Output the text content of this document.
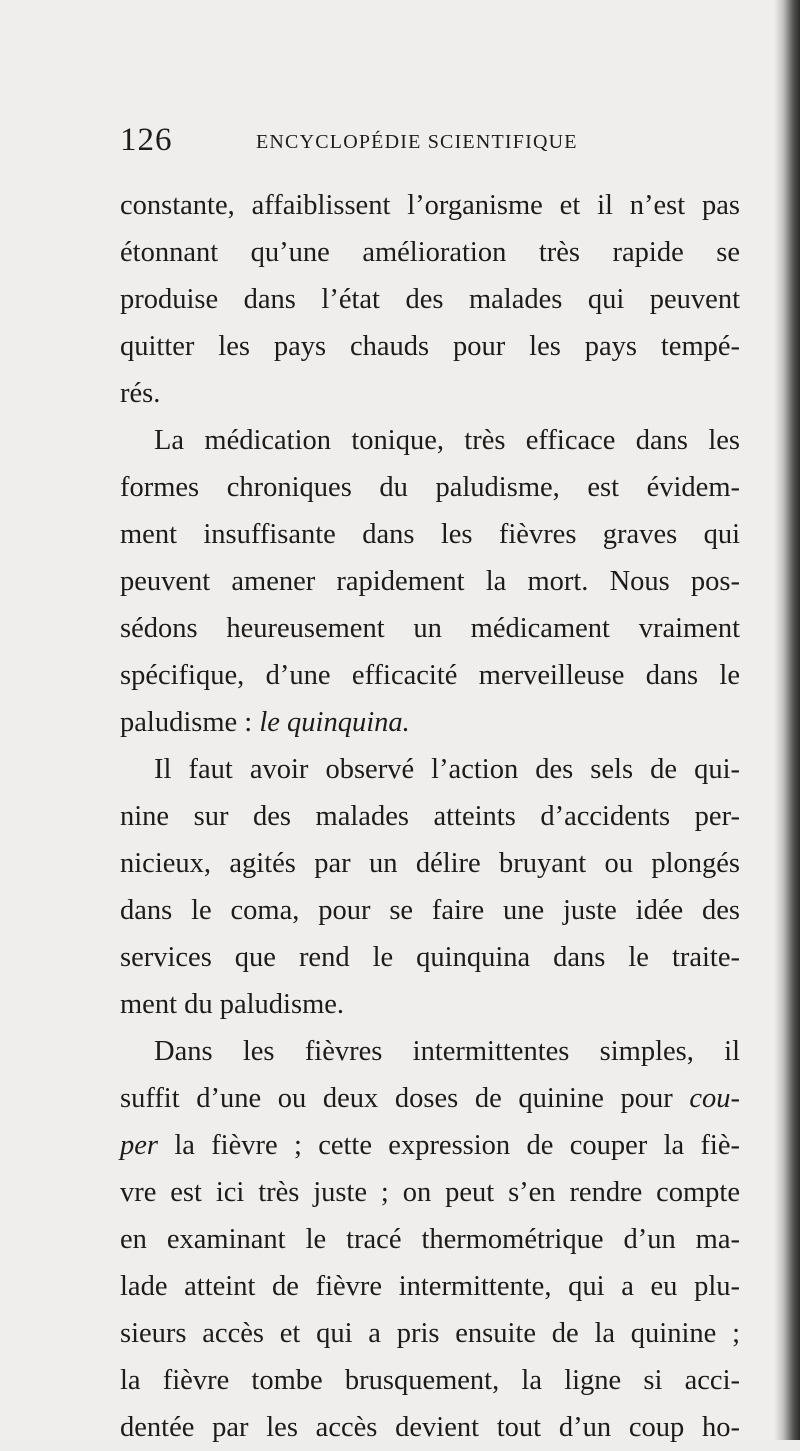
126	ENCYCLOPÉDIE SCIENTIFIQUE
constante, affaiblissent l’organisme et il n’est pas
étonnant qu’une amélioration très rapide se
produise dans l’état des malades qui peuvent
quitter les pays chauds pour les pays tempé-
rés.
La médication tonique, très efficace dans les
formes chroniques du paludisme, est évidem-
ment insuffisante dans les fièvres graves qui
peuvent amener rapidement la mort. Nous pos-
sédons heureusement un médicament vraiment
spécifique, d’une efficacité merveilleuse dans le
paludisme : le quinquina.
Il faut avoir observé l’action des sels de qui-
nine sur des malades atteints d’accidents per-
nicieux, agités par un délire bruyant ou plongés
dans le coma, pour se faire une juste idée des
services que rend le quinquina dans le traite-
ment du paludisme.
Dans les fièvres intermittentes simples, il
suffit d’une ou deux doses de quinine pour cou-
per la fièvre ; cette expression de couper la fiè-
vre est ici très juste ; on peut s’en rendre compte
en examinant le tracé thermométrique d’un ma-
lade atteint de fièvre intermittente, qui a eu plu-
sieurs accès et qui a pris ensuite de la quinine ;
la fièvre tombe brusquement, la ligne si acci-
dentée par les accès devient tout d’un coup ho-
